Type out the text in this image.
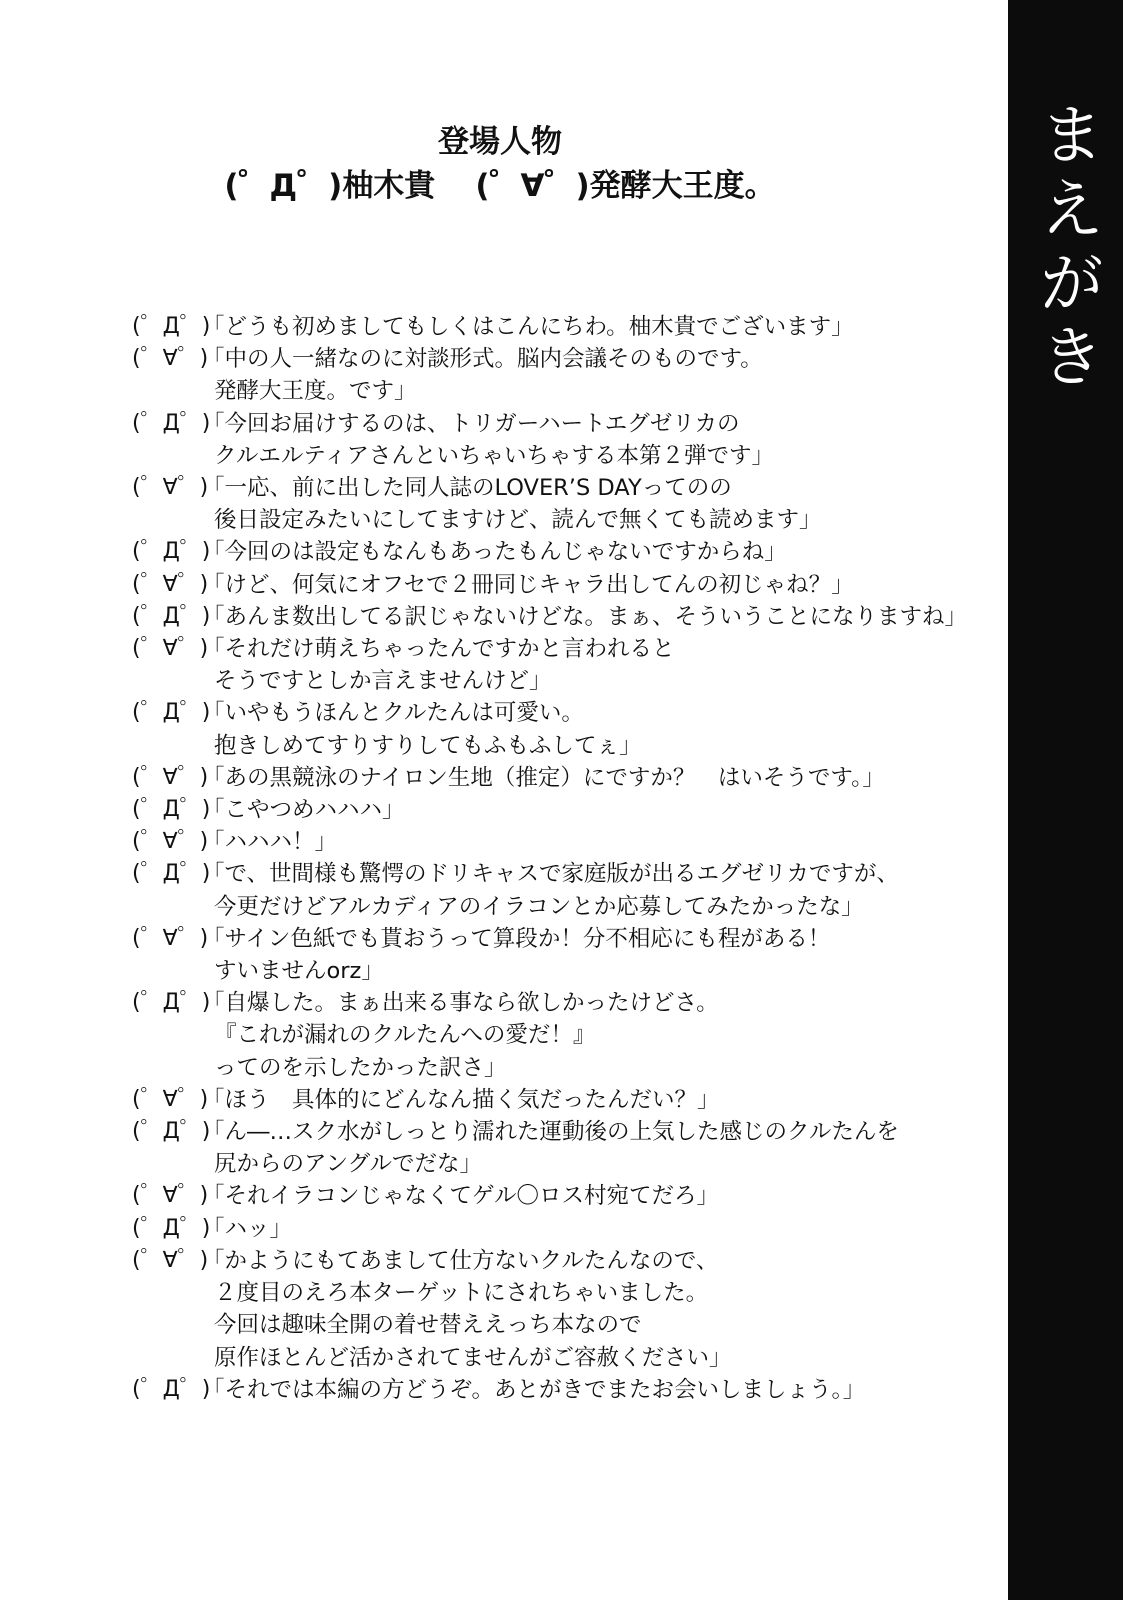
登場人物

(゜Д゜)柚木貴 (゜∀゜)発酵大王度。
(゜Д゜)

「どうも初めましてもしくはこんにちわ。柚木貴でございます」

(゜∀゜)

「中の人一緒なのに対談形式。脳内会議そのものです。

発酵大王度。です」

(゜Д゜)

「今回お届けするのは、トリガーハートエグゼリカの

クルエルティアさんといちゃいちゃする本第２弾です」

(゜∀゜)

「一応、前に出した同人誌のLOVER’S DAYってのの

後日設定みたいにしてますけど、読んで無くても読めます」

(゜Д゜)

「今回のは設定もなんもあったもんじゃないですからね」

(゜∀゜)

「けど、何気にオフセで２冊同じキャラ出してんの初じゃね？」

(゜Д゜)

「あんま数出してる訳じゃないけどな。まぁ、そういうことになりますね」

(゜∀゜)

「それだけ萌えちゃったんですかと言われると

そうですとしか言えませんけど」

(゜Д゜)

「いやもうほんとクルたんは可愛い。

抱きしめてすりすりしてもふもふしてぇ」

(゜∀゜)

「あの黒競泳のナイロン生地（推定）にですか？　はいそうです。」

(゜Д゜)

「こやつめハハハ」

(゜∀゜)

「ハハハ！」

(゜Д゜)

「で、世間様も驚愕のドリキャスで家庭版が出るエグゼリカですが、

今更だけどアルカディアのイラコンとか応募してみたかったな」

(゜∀゜)

「サイン色紙でも貰おうって算段か！分不相応にも程がある！

すいませんorz」

(゜Д゜)

「自爆した。まぁ出来る事なら欲しかったけどさ。

『これが漏れのクルたんへの愛だ！』

ってのを示したかった訳さ」

(゜∀゜)

「ほう　具体的にどんなん描く気だったんだい？」

(゜Д゜)

「ん―…スク水がしっとり濡れた運動後の上気した感じのクルたんを

尻からのアングルでだな」

(゜∀゜)

「それイラコンじゃなくてゲル〇ロス村宛てだろ」

(゜Д゜)

「ハッ」

(゜∀゜)

「かようにもてあまして仕方ないクルたんなので、

２度目のえろ本ターゲットにされちゃいました。

今回は趣味全開の着せ替ええっち本なので

原作ほとんど活かされてませんがご容赦ください」

(゜Д゜)

「それでは本編の方どうぞ。あとがきでまたお会いしましょう。」

まえがき
